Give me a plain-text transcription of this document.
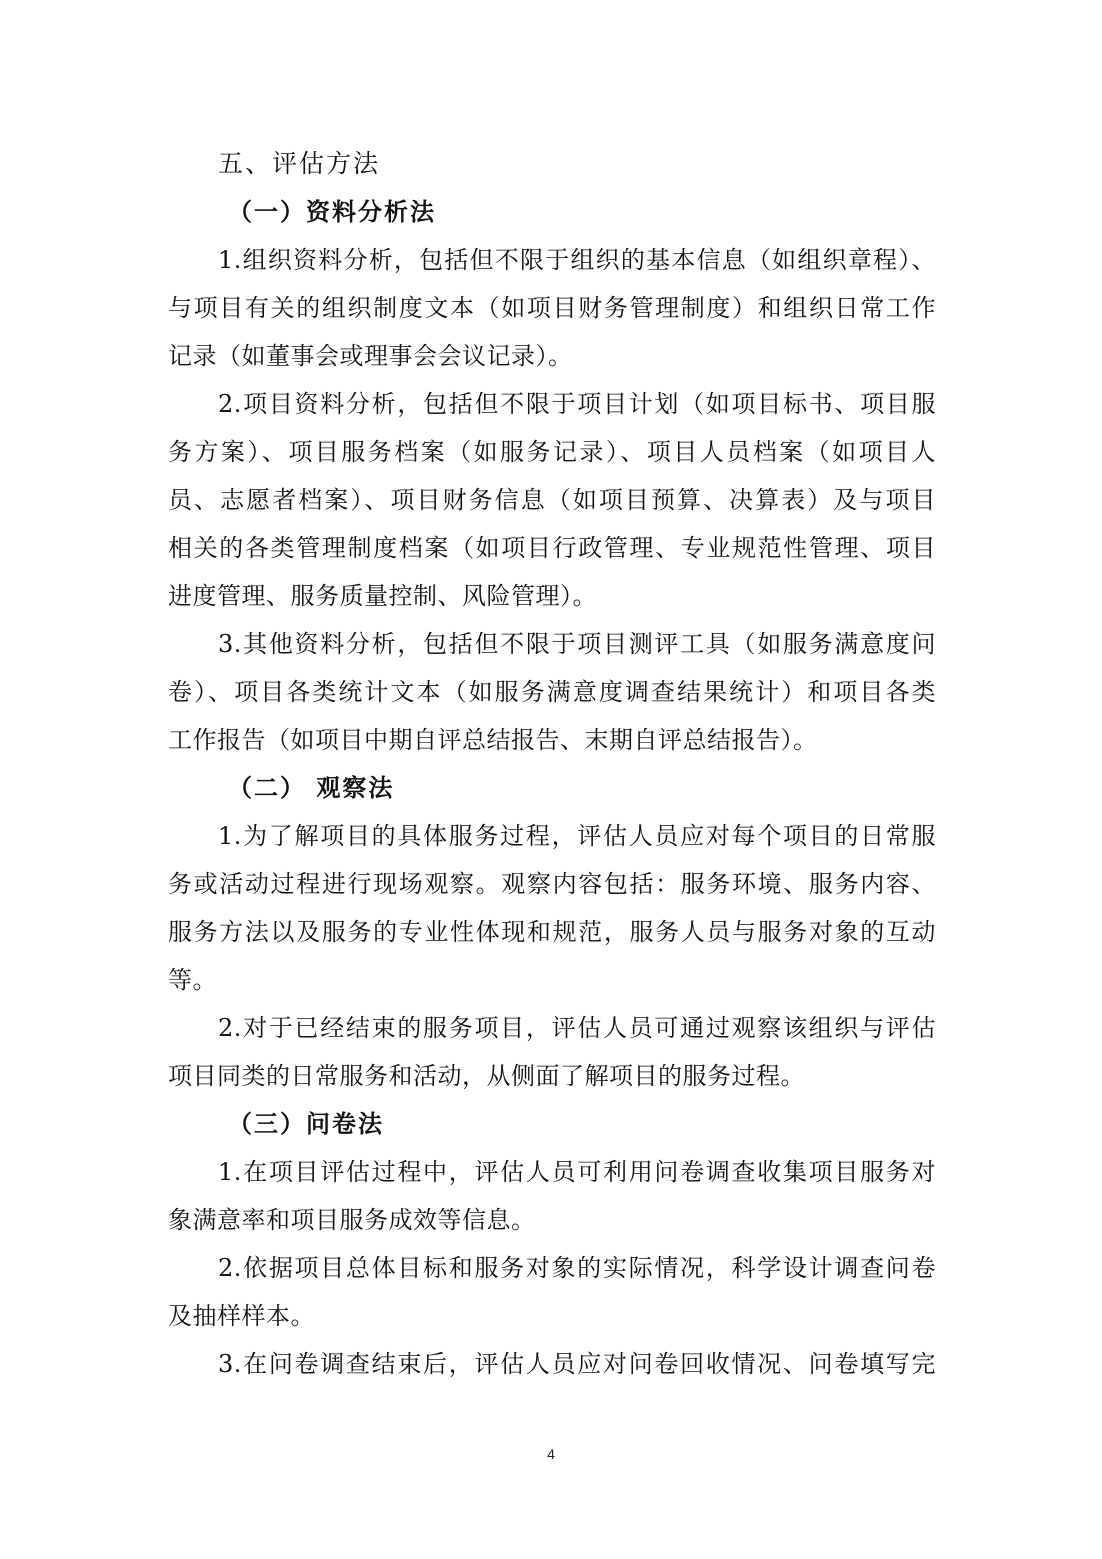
五、评估方法
（一）资料分析法
1.组织资料分析，包括但不限于组织的基本信息（如组织章程）、
与项目有关的组织制度文本（如项目财务管理制度）和组织日常工作
记录（如董事会或理事会会议记录）。
2.项目资料分析，包括但不限于项目计划（如项目标书、项目服
务方案）、项目服务档案（如服务记录）、项目人员档案（如项目人
员、志愿者档案）、项目财务信息（如项目预算、决算表）及与项目
相关的各类管理制度档案（如项目行政管理、专业规范性管理、项目
进度管理、服务质量控制、风险管理）。
3.其他资料分析，包括但不限于项目测评工具（如服务满意度问
卷）、项目各类统计文本（如服务满意度调查结果统计）和项目各类
工作报告（如项目中期自评总结报告、末期自评总结报告）。
（二） 观察法
1.为了解项目的具体服务过程，评估人员应对每个项目的日常服
务或活动过程进行现场观察。观察内容包括：服务环境、服务内容、
服务方法以及服务的专业性体现和规范，服务人员与服务对象的互动
等。
2.对于已经结束的服务项目，评估人员可通过观察该组织与评估
项目同类的日常服务和活动，从侧面了解项目的服务过程。
（三）问卷法
1.在项目评估过程中，评估人员可利用问卷调查收集项目服务对
象满意率和项目服务成效等信息。
2.依据项目总体目标和服务对象的实际情况，科学设计调查问卷
及抽样样本。
3.在问卷调查结束后，评估人员应对问卷回收情况、问卷填写完
4
